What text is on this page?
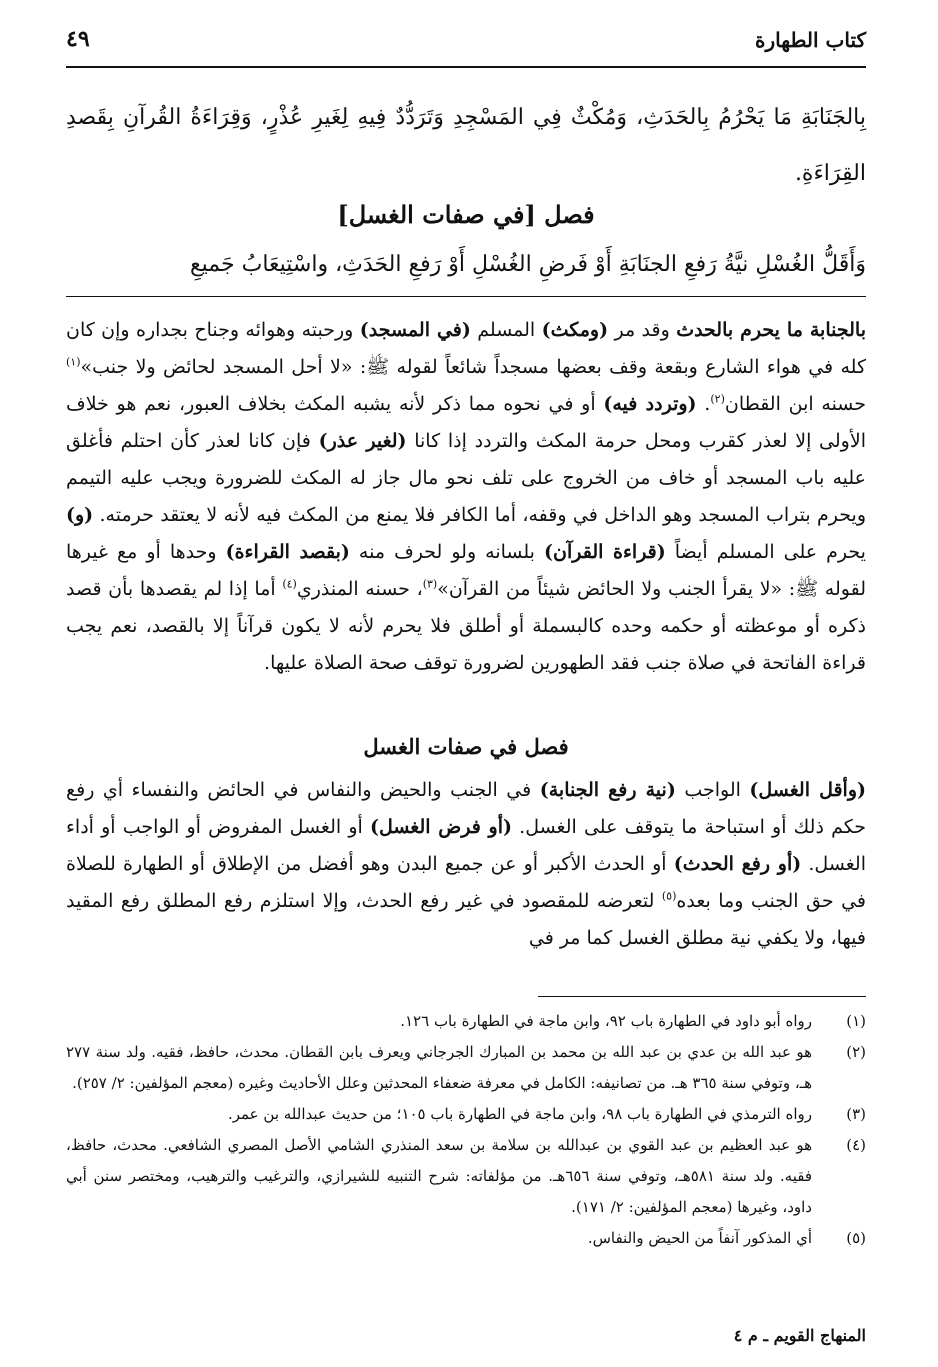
كتاب الطهارة
٤٩
بِالجَنَابَةِ مَا يَحْرُمُ بِالحَدَثِ، وَمُكْثٌ فِي المَسْجِدِ وَتَرَدُّدٌ فِيهِ لِغَيرِ عُذْرٍ، وَقِرَاءَةُ القُرآنِ بِقَصدِ القِرَاءَةِ.
فصل [في صفات الغسل]
وَأَقَلُّ الغُسْلِ نيَّةُ رَفعِ الجنَابَةِ أَوْ فَرضِ الغُسْلِ أَوْ رَفعِ الحَدَثِ، واسْتِيعَابُ جَميعِ
بالجنابة ما يحرم بالحدث وقد مر (ومكث) المسلم (في المسجد) ورحبته وهوائه وجناح بجداره وإن كان كله في هواء الشارع وبقعة وقف بعضها مسجداً شائعاً لقوله ﷺ: «لا أحل المسجد لحائض ولا جنب»$^{(١)}$ حسنه ابن القطان$^{(٢)}$. (وتردد فيه) أو في نحوه مما ذكر لأنه يشبه المكث بخلاف العبور، نعم هو خلاف الأولى إلا لعذر كقرب ومحل حرمة المكث والتردد إذا كانا (لغير عذر) فإن كانا لعذر كأن احتلم فأغلق عليه باب المسجد أو خاف من الخروج على تلف نحو مال جاز له المكث للضرورة ويجب عليه التيمم ويحرم بتراب المسجد وهو الداخل في وقفه، أما الكافر فلا يمنع من المكث فيه لأنه لا يعتقد حرمته. (و) يحرم على المسلم أيضاً (قراءة القرآن) بلسانه ولو لحرف منه (بقصد القراءة) وحدها أو مع غيرها لقوله ﷺ: «لا يقرأ الجنب ولا الحائض شيئاً من القرآن»$^{(٣)}$، حسنه المنذري$^{(٤)}$ أما إذا لم يقصدها بأن قصد ذكره أو موعظته أو حكمه وحده كالبسملة أو أطلق فلا يحرم لأنه لا يكون قرآناً إلا بالقصد، نعم يجب قراءة الفاتحة في صلاة جنب فقد الطهورين لضرورة توقف صحة الصلاة عليها.
فصل في صفات الغسل
(وأقل الغسل) الواجب (نية رفع الجنابة) في الجنب والحيض والنفاس في الحائض والنفساء أي رفع حكم ذلك أو استباحة ما يتوقف على الغسل. (أو فرض الغسل) أو الغسل المفروض أو الواجب أو أداء الغسل. (أو رفع الحدث) أو الحدث الأكبر أو عن جميع البدن وهو أفضل من الإطلاق أو الطهارة للصلاة في حق الجنب وما بعده$^{(٥)}$ لتعرضه للمقصود في غير رفع الحدث، وإلا استلزم رفع المطلق رفع المقيد فيها، ولا يكفي نية مطلق الغسل كما مر في

(١)
رواه أبو داود في الطهارة باب ٩٢، وابن ماجة في الطهارة باب ١٢٦.

(٢)
هو عبد الله بن عدي بن عبد الله بن محمد بن المبارك الجرجاني ويعرف بابن القطان. محدث، حافظ، فقيه. ولد سنة ٢٧٧ هـ، وتوفي سنة ٣٦٥ هـ. من تصانيفه: الكامل في معرفة ضعفاء المحدثين وعلل الأحاديث وغيره (معجم المؤلفين: ٢/ ٢٥٧).

(٣)
رواه الترمذي في الطهارة باب ٩٨، وابن ماجة في الطهارة باب ١٠٥؛ من حديث عبدالله بن عمر.

(٤)
هو عبد العظيم بن عبد القوي بن عبدالله بن سلامة بن سعد المنذري الشامي الأصل المصري الشافعي. محدث، حافظ، فقيه. ولد سنة ٥٨١هـ، وتوفي سنة ٦٥٦هـ. من مؤلفاته: شرح التنبيه للشيرازي، والترغيب والترهيب، ومختصر سنن أبي داود، وغيرها (معجم المؤلفين: ٢/ ١٧١).

(٥)
أي المذكور آنفاً من الحيض والنفاس.

المنهاج القويم ـ م ٤
